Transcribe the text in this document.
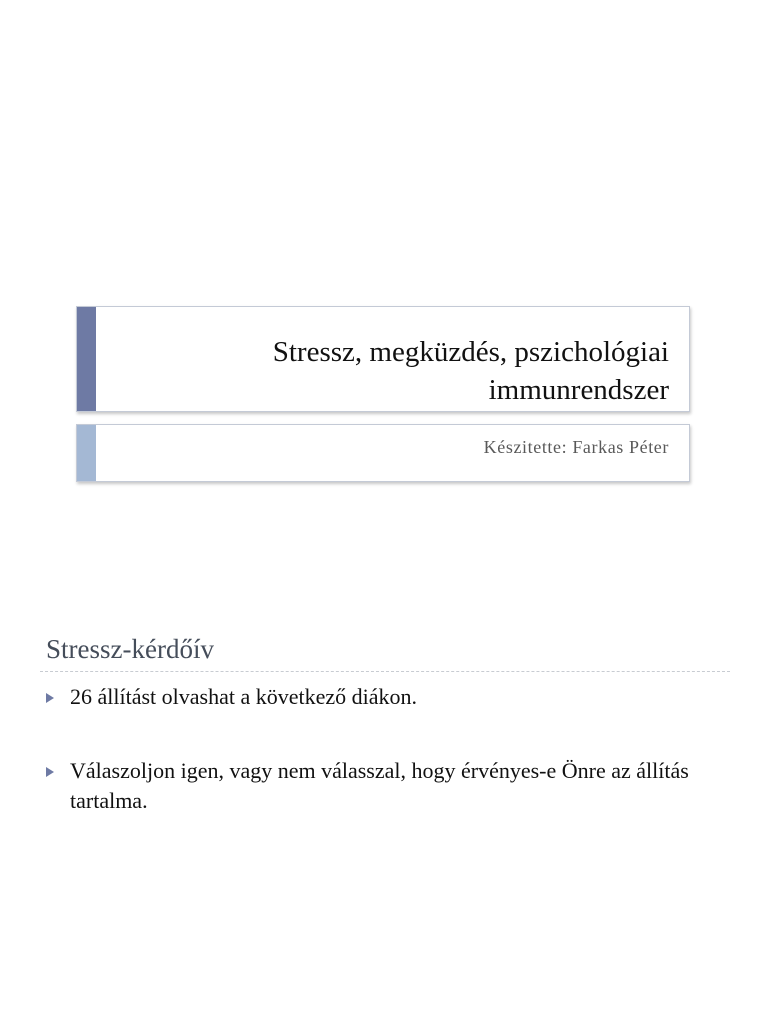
Stressz, megküzdés, pszichológiai
immunrendszer
Készitette: Farkas Péter
Stressz-kérdőív
26 állítást olvashat a következő diákon.
Válaszoljon igen, vagy nem válasszal, hogy érvényes-e Önre az állítás tartalma.
